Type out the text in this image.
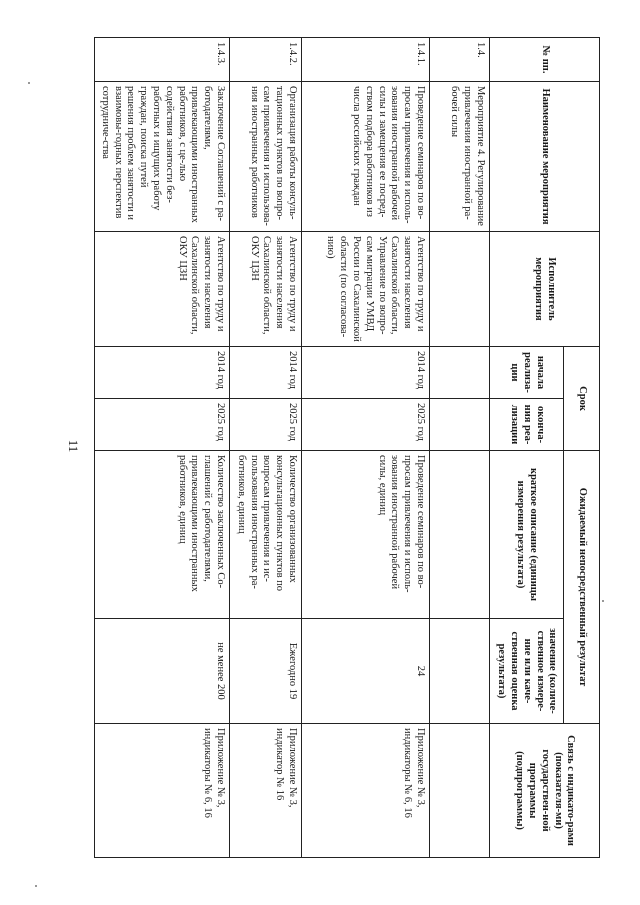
11
№ пп.	Наименование мероприятия	Исполнитель мероприятия	Срок		Ожидаемый непосредственный результат		Связь с индикато-рами (показателя-ми) государствен-ной программы (подпрограммы)
			начала реализа-ции	оконча-ния реа-лизации	краткое описание (единицы измерения результата)	значение (количе-ственное измере-ние или каче-ственная оценка результата)	
1.4.	Мероприятие 4. Регулирование привлечения иностранной ра-бочей силы						
1.4.1.	Проведение семинаров по во-просам привлечения и исполь-зования иностранной рабочей силы и замещения ее посред-ством подбора работников из числа российских граждан	Агентство по труду и занятости населения Сахалинской области, Управление по вопро-сам миграции УМВД России по Сахалинской области (по согласова-нию)	2014 год	2025 год	Проведение семинаров по во-просам привлечения и исполь-зования иностранной рабочей силы, единиц	24	Приложение № 3, индикаторы № 6, 16
1.4.2.	Организация работы консуль-тационных пунктов по вопро-сам привлечения и использова-ния иностранных работников	Агентство по труду и занятости населения Сахалинской области, ОКУ ЦЗН	2014 год	2025 год	Количество организованных консультационных пунктов по вопросам привлечения и ис-пользования иностранных ра-ботников, единиц	Ежегодно 19	Приложение № 3, индикатор № 16
1.4.3.	Заключение Соглашений с ра-ботодателями, привлекающими иностранных работников, с це-лью содействия занятости без-работных и ищущих работу граждан, поиска путей решения проблем занятости и взаимовы-годных перспектив сотрудниче-ства	Агентство по труду и занятости населения Сахалинской области, ОКУ ЦЗН	2014 год	2025 год	Количество заключенных Со-глашений с работодателями, привлекающими иностранных работников, единиц	не менее 200	Приложение № 3, индикаторы № 6, 16
